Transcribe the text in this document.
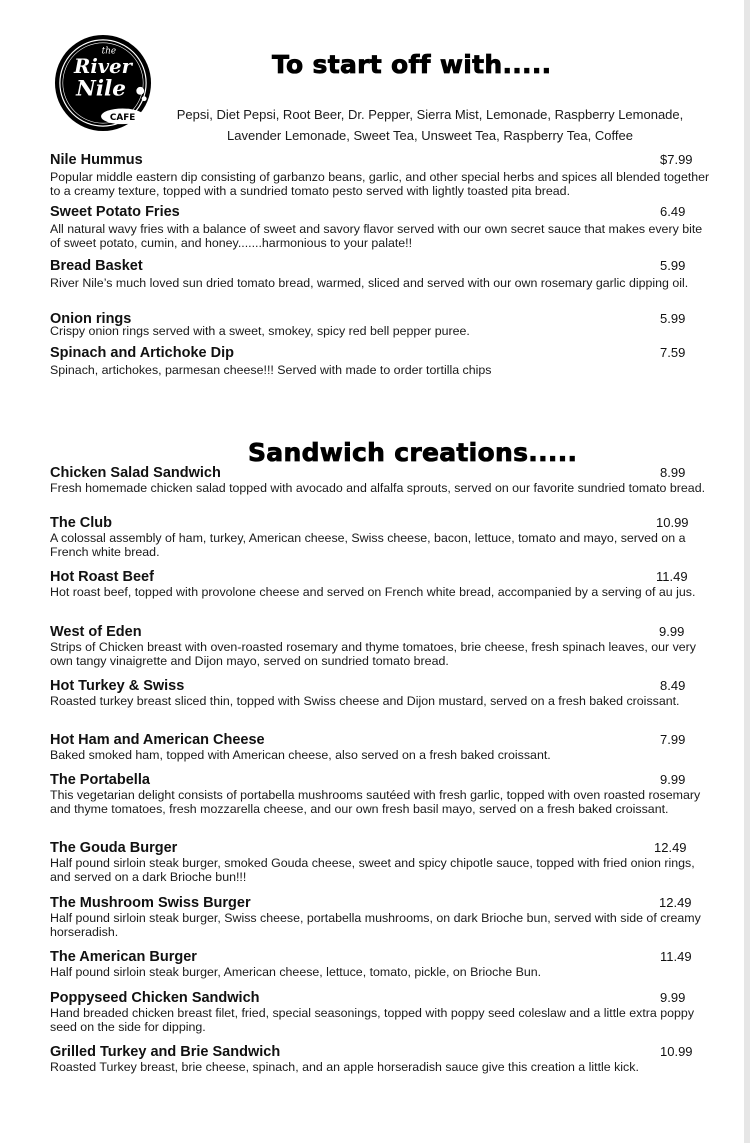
the
River
Nile
CAFE
To start off with.....
Pepsi, Diet Pepsi, Root Beer, Dr. Pepper, Sierra Mist, Lemonade, Raspberry Lemonade,
Lavender Lemonade, Sweet Tea, Unsweet Tea, Raspberry Tea, Coffee
Nile Hummus	$7.99
Popular middle eastern dip consisting of garbanzo beans, garlic, and other special herbs and spices all blended together to a creamy texture, topped with a sundried tomato pesto served with lightly toasted pita bread.
Sweet Potato Fries	6.49
All natural wavy fries with a balance of sweet and savory flavor served with our own secret sauce that makes every bite of sweet potato, cumin, and honey.......harmonious to your palate!!
Bread Basket	5.99
River Nile’s much loved sun dried tomato bread, warmed, sliced and served with our own rosemary garlic dipping oil.
Onion rings	5.99
Crispy onion rings served with a sweet, smokey, spicy red bell pepper puree.
Spinach and Artichoke Dip	7.59
Spinach, artichokes, parmesan cheese!!! Served with made to order tortilla chips
Sandwich creations.....
Chicken Salad Sandwich	8.99
Fresh homemade chicken salad topped with avocado and alfalfa sprouts, served on our favorite sundried tomato bread.
The Club	10.99
A colossal assembly of ham, turkey, American cheese, Swiss cheese, bacon, lettuce, tomato and mayo, served on a French white bread.
Hot Roast Beef	11.49
Hot roast beef, topped with provolone cheese and served on French white bread, accompanied by a serving of au jus.
West of Eden	9.99
Strips of Chicken breast with oven-roasted rosemary and thyme tomatoes, brie cheese, fresh spinach leaves, our very own tangy vinaigrette and Dijon mayo, served on sundried tomato bread.
Hot Turkey & Swiss	8.49
Roasted turkey breast sliced thin, topped with Swiss cheese and Dijon mustard, served on a fresh baked croissant.
Hot Ham and American Cheese	7.99
Baked smoked ham, topped with American cheese, also served on a fresh baked croissant.
The Portabella	9.99
This vegetarian delight consists of portabella mushrooms sautéed with fresh garlic, topped with oven roasted rosemary and thyme tomatoes, fresh mozzarella cheese, and our own fresh basil mayo, served on a fresh baked croissant.
The Gouda Burger	12.49
Half pound sirloin steak burger, smoked Gouda cheese, sweet and spicy chipotle sauce, topped with fried onion rings, and served on a dark Brioche bun!!!
The Mushroom Swiss Burger	12.49
Half pound sirloin steak burger, Swiss cheese, portabella mushrooms, on dark Brioche bun, served with side of creamy horseradish.
The American Burger	11.49
Half pound sirloin steak burger, American cheese, lettuce, tomato, pickle, on Brioche Bun.
Poppyseed Chicken Sandwich	9.99
Hand breaded chicken breast filet, fried, special seasonings, topped with poppy seed coleslaw and a little extra poppy seed on the side for dipping.
Grilled Turkey and Brie Sandwich	10.99
Roasted Turkey breast, brie cheese, spinach, and an apple horseradish sauce give this creation a little kick.
